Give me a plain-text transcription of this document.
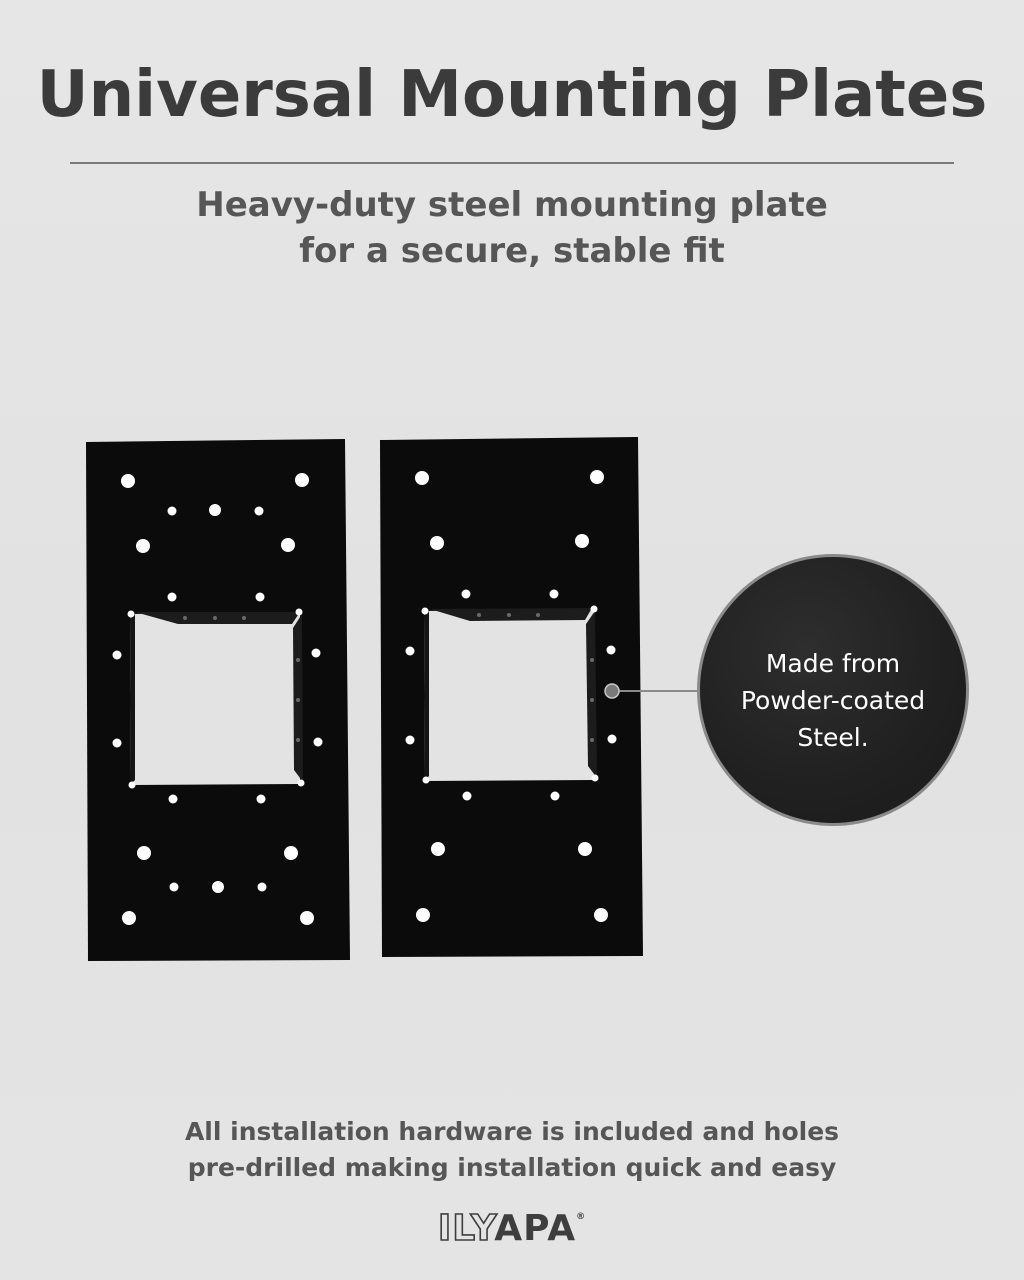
Universal Mounting Plates
Heavy-duty steel mounting plate
for a secure, stable fit
Made from
Powder-coated
Steel.
All installation hardware is included and holes
pre-drilled making installation quick and easy
ILYAPA®
